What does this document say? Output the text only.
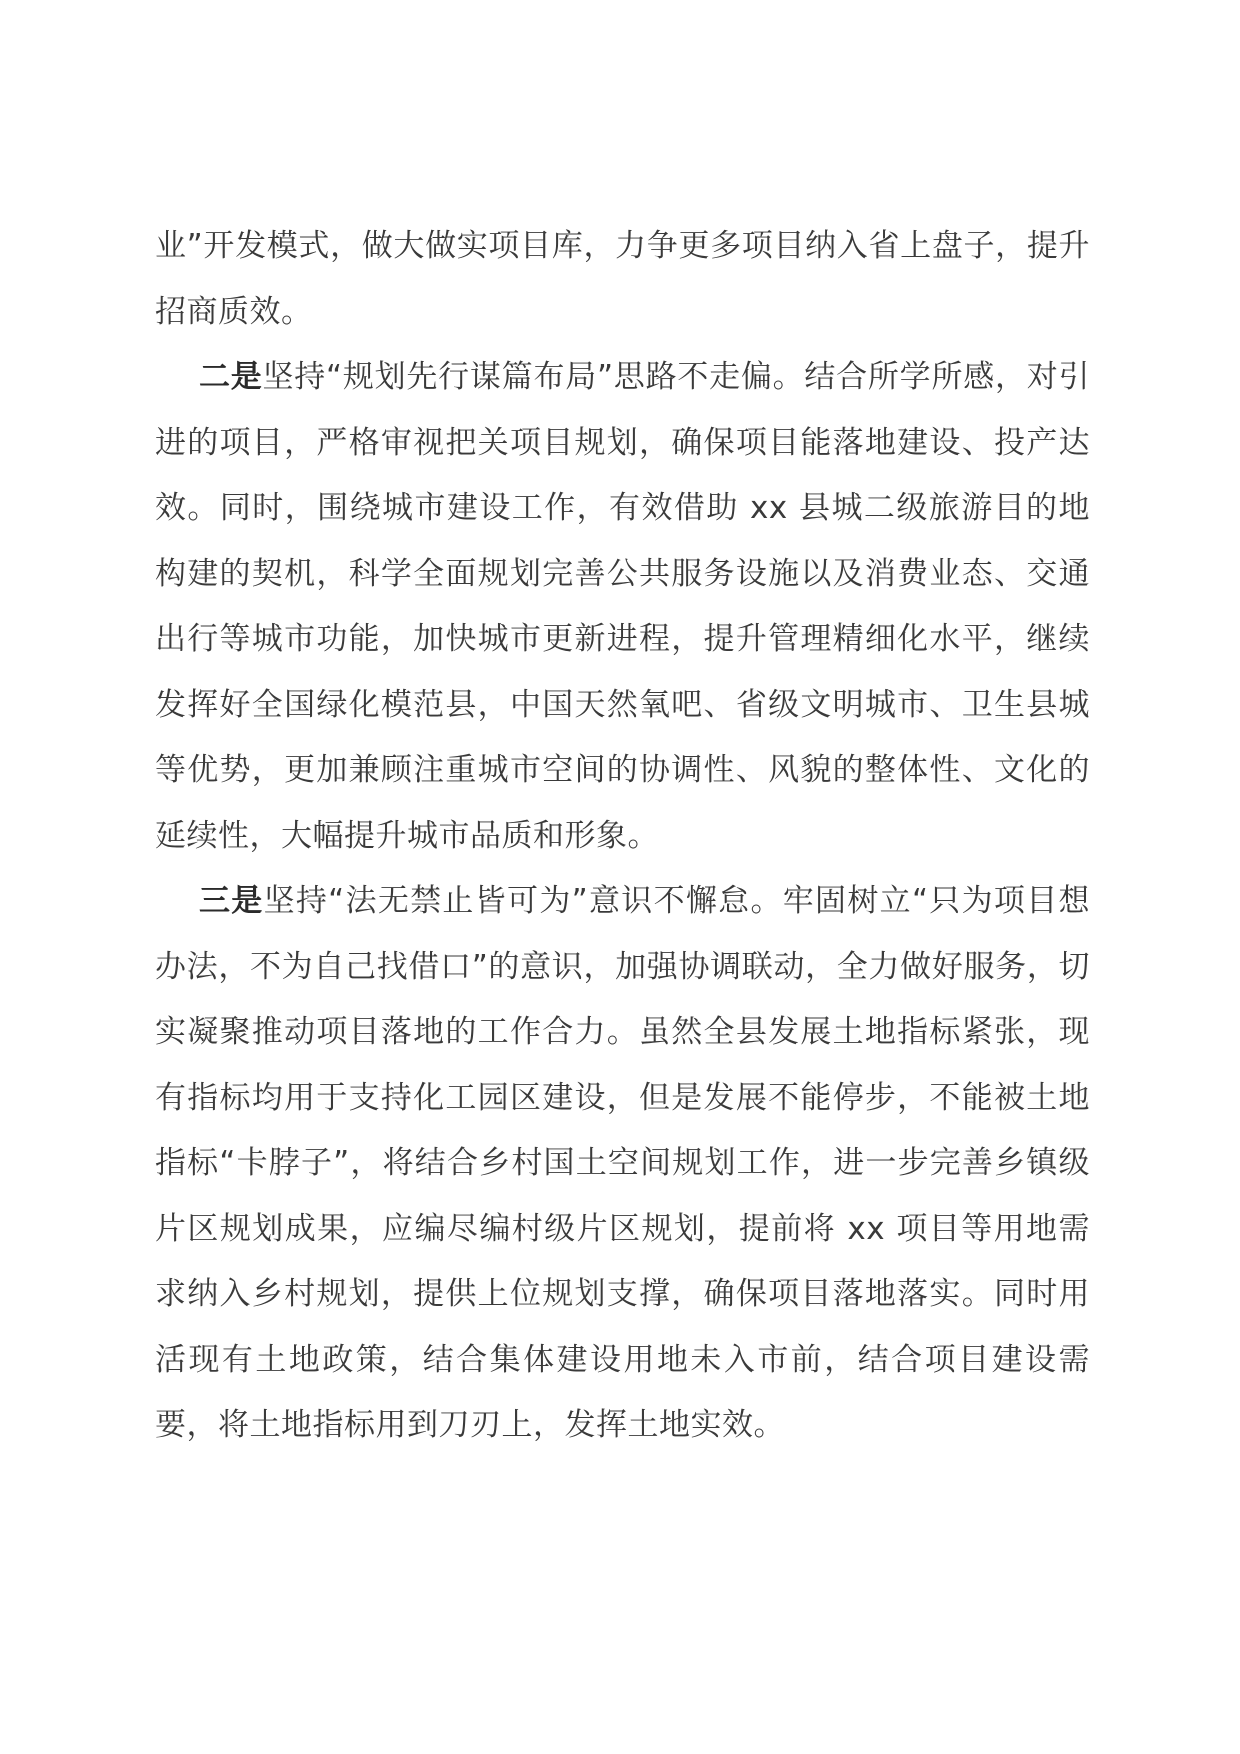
业”开发模式，做大做实项目库，力争更多项目纳入省上盘子，提升招商质效。

二是坚持“规划先行谋篇布局”思路不走偏。结合所学所感，对引进的项目，严格审视把关项目规划，确保项目能落地建设、投产达效。同时，围绕城市建设工作，有效借助 xx 县城二级旅游目的地构建的契机，科学全面规划完善公共服务设施以及消费业态、交通出行等城市功能，加快城市更新进程，提升管理精细化水平，继续发挥好全国绿化模范县，中国天然氧吧、省级文明城市、卫生县城等优势，更加兼顾注重城市空间的协调性、风貌的整体性、文化的延续性，大幅提升城市品质和形象。

三是坚持“法无禁止皆可为”意识不懈怠。牢固树立“只为项目想办法，不为自己找借口”的意识，加强协调联动，全力做好服务，切实凝聚推动项目落地的工作合力。虽然全县发展土地指标紧张，现有指标均用于支持化工园区建设，但是发展不能停步，不能被土地指标“卡脖子”，将结合乡村国土空间规划工作，进一步完善乡镇级片区规划成果，应编尽编村级片区规划，提前将 xx 项目等用地需求纳入乡村规划，提供上位规划支撑，确保项目落地落实。同时用活现有土地政策，结合集体建设用地未入市前，结合项目建设需要，将土地指标用到刀刃上，发挥土地实效。
